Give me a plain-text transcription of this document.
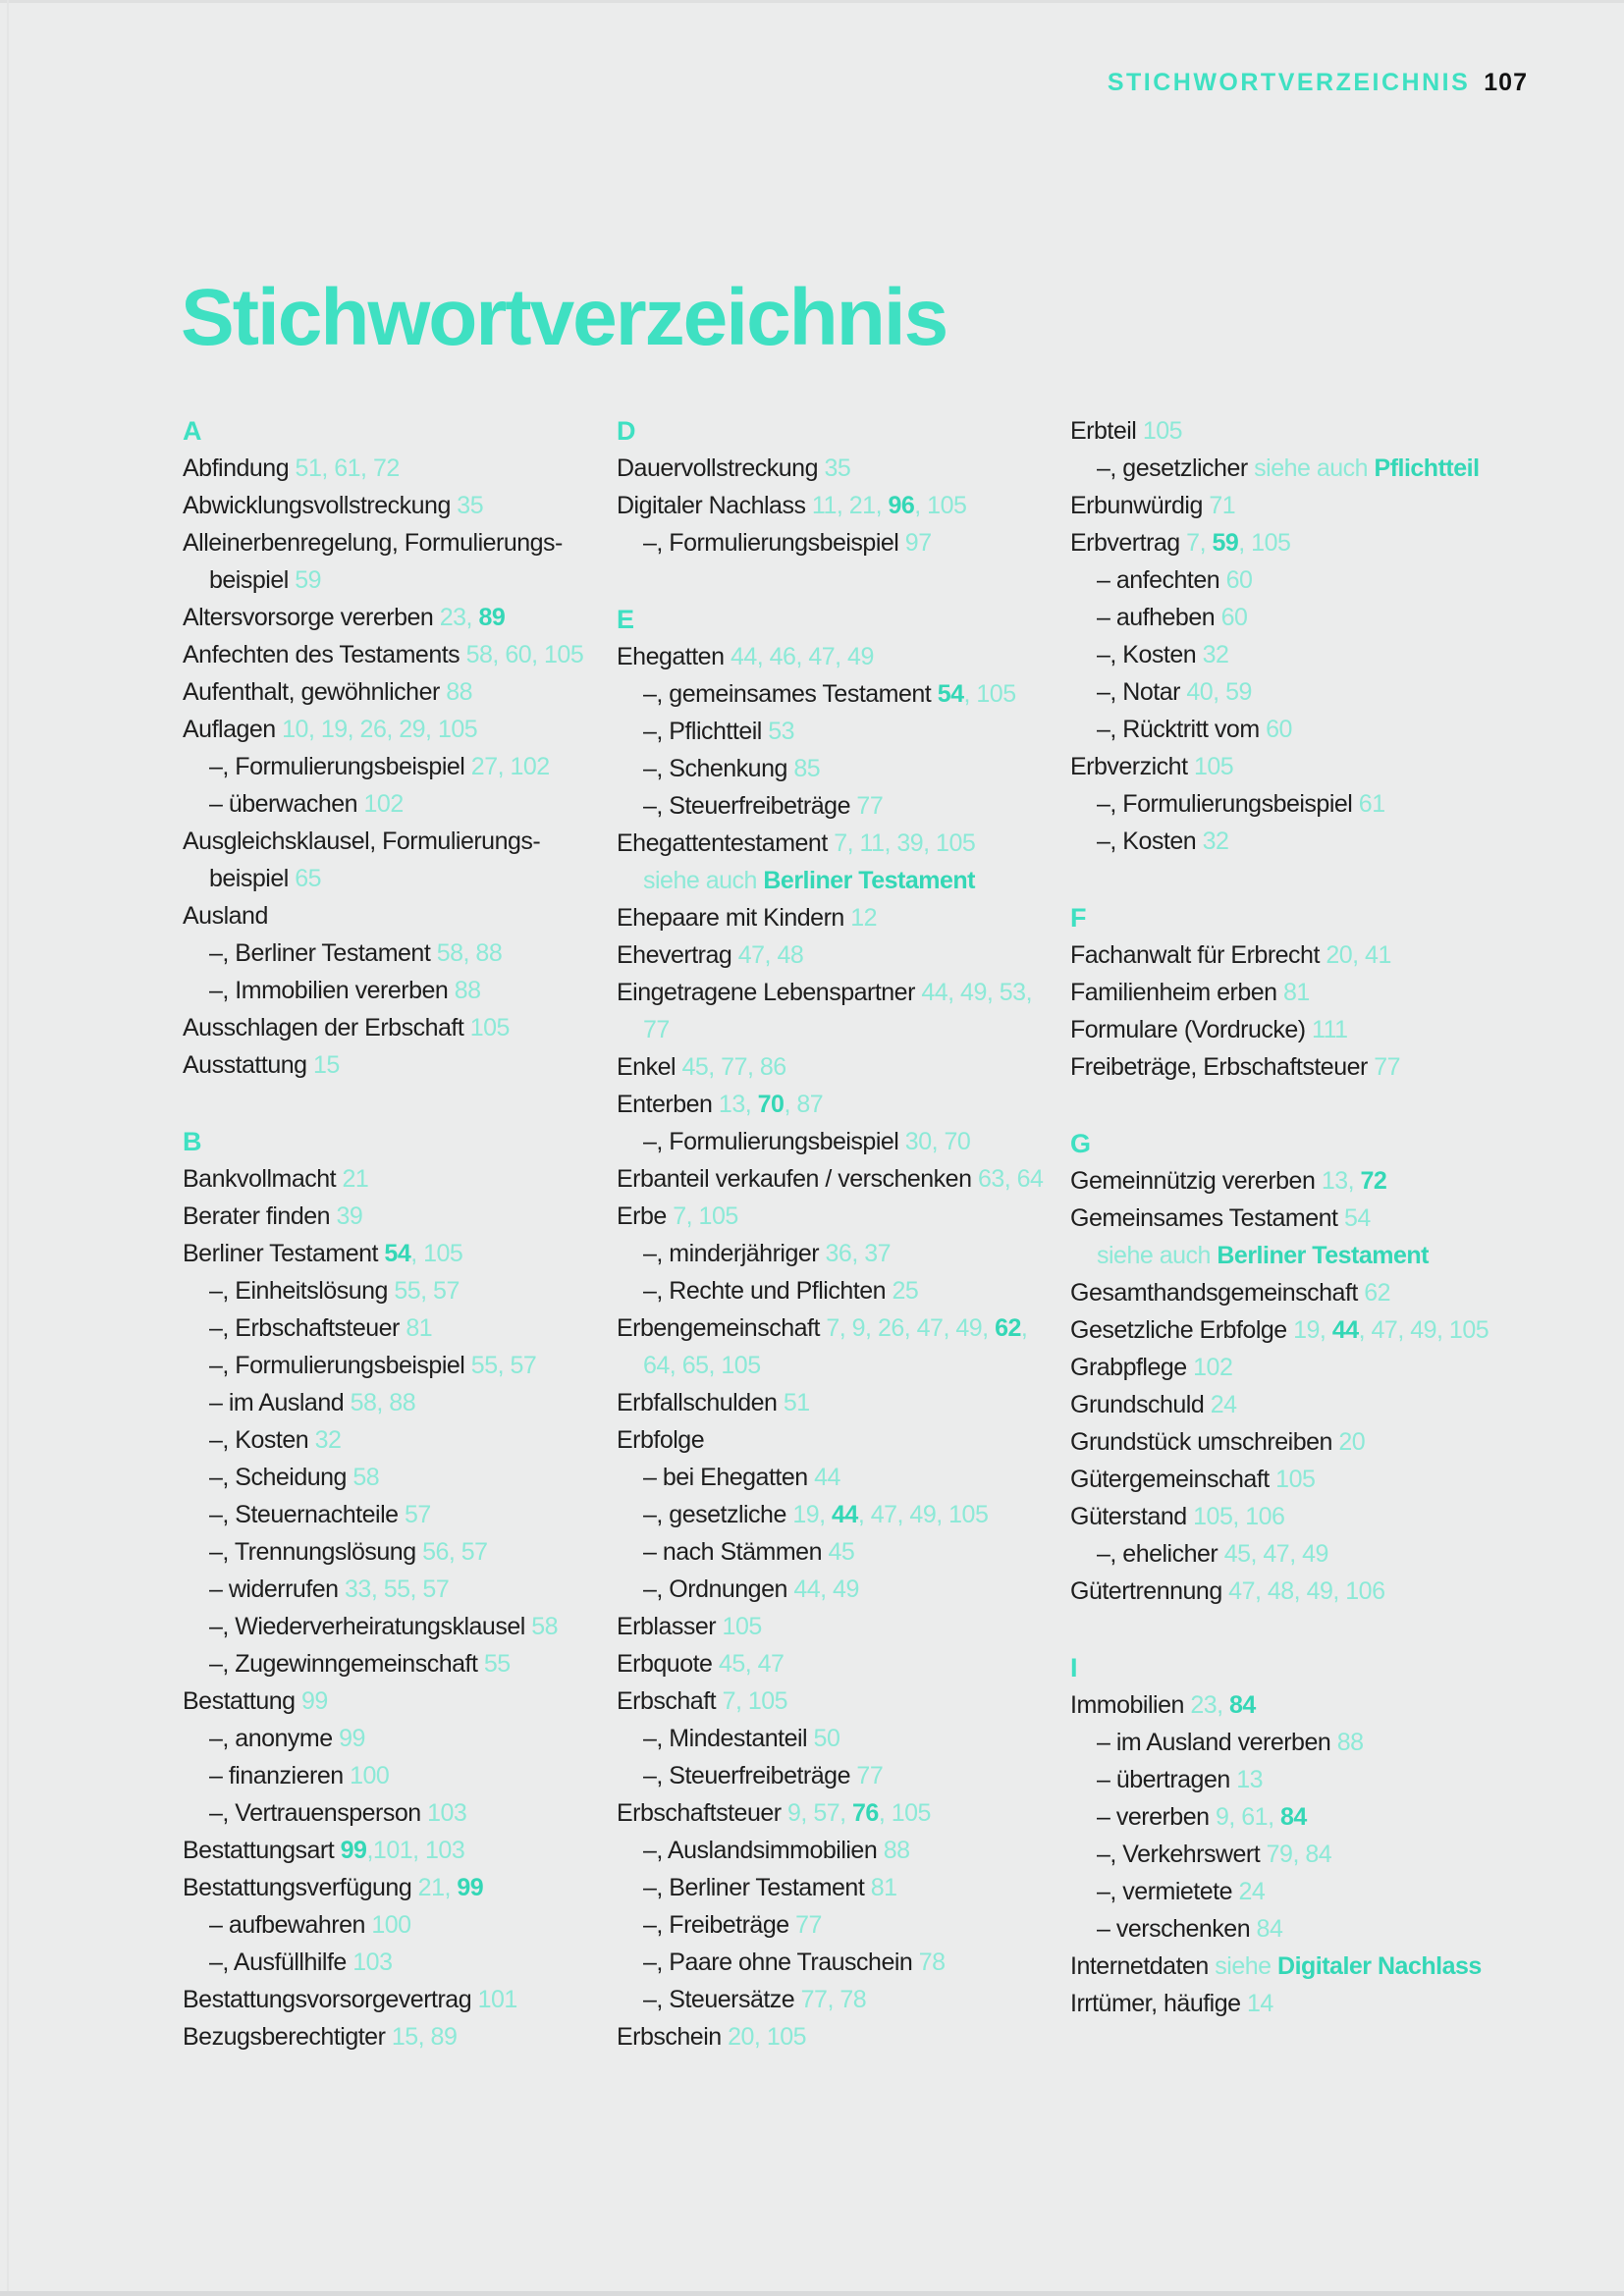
STICHWORTVERZEICHNIS 107
Stichwortverzeichnis
A
Abfindung 51, 61, 72
Abwicklungsvollstreckung 35
Alleinerbenregelung, Formulierungs-
beispiel 59
Altersvorsorge vererben 23, 89
Anfechten des Testaments 58, 60, 105
Aufenthalt, gewöhnlicher 88
Auflagen 10, 19, 26, 29, 105
–, Formulierungsbeispiel 27, 102
– überwachen 102
Ausgleichsklausel, Formulierungs-
beispiel 65
Ausland
–, Berliner Testament 58, 88
–, Immobilien vererben 88
Ausschlagen der Erbschaft 105
Ausstattung 15
B
Bankvollmacht 21
Berater finden 39
Berliner Testament 54, 105
–, Einheitslösung 55, 57
–, Erbschaftsteuer 81
–, Formulierungsbeispiel 55, 57
– im Ausland 58, 88
–, Kosten 32
–, Scheidung 58
–, Steuernachteile 57
–, Trennungslösung 56, 57
– widerrufen 33, 55, 57
–, Wiederverheiratungsklausel 58
–, Zugewinngemeinschaft 55
Bestattung 99
–, anonyme 99
– finanzieren 100
–, Vertrauensperson 103
Bestattungsart 99,101, 103
Bestattungsverfügung 21, 99
– aufbewahren 100
–, Ausfüllhilfe 103
Bestattungsvorsorgevertrag 101
Bezugsberechtigter 15, 89
D
Dauervollstreckung 35
Digitaler Nachlass 11, 21, 96, 105
–, Formulierungsbeispiel 97
E
Ehegatten 44, 46, 47, 49
–, gemeinsames Testament 54, 105
–, Pflichtteil 53
–, Schenkung 85
–, Steuerfreibeträge 77
Ehegattentestament 7, 11, 39, 105
siehe auch Berliner Testament
Ehepaare mit Kindern 12
Ehevertrag 47, 48
Eingetragene Lebenspartner 44, 49, 53,
77
Enkel 45, 77, 86
Enterben 13, 70, 87
–, Formulierungsbeispiel 30, 70
Erbanteil verkaufen / verschenken 63, 64
Erbe 7, 105
–, minderjähriger 36, 37
–, Rechte und Pflichten 25
Erbengemeinschaft 7, 9, 26, 47, 49, 62,
64, 65, 105
Erbfallschulden 51
Erbfolge
– bei Ehegatten 44
–, gesetzliche 19, 44, 47, 49, 105
– nach Stämmen 45
–, Ordnungen 44, 49
Erblasser 105
Erbquote 45, 47
Erbschaft 7, 105
–, Mindestanteil 50
–, Steuerfreibeträge 77
Erbschaftsteuer 9, 57, 76, 105
–, Auslandsimmobilien 88
–, Berliner Testament 81
–, Freibeträge 77
–, Paare ohne Trauschein 78
–, Steuersätze 77, 78
Erbschein 20, 105
Erbteil 105
–, gesetzlicher siehe auch Pflichtteil
Erbunwürdig 71
Erbvertrag 7, 59, 105
– anfechten 60
– aufheben 60
–, Kosten 32
–, Notar 40, 59
–, Rücktritt vom 60
Erbverzicht 105
–, Formulierungsbeispiel 61
–, Kosten 32
F
Fachanwalt für Erbrecht 20, 41
Familienheim erben 81
Formulare (Vordrucke) 111
Freibeträge, Erbschaftsteuer 77
G
Gemeinnützig vererben 13, 72
Gemeinsames Testament 54
siehe auch Berliner Testament
Gesamthandsgemeinschaft 62
Gesetzliche Erbfolge 19, 44, 47, 49, 105
Grabpflege 102
Grundschuld 24
Grundstück umschreiben 20
Gütergemeinschaft 105
Güterstand 105, 106
–, ehelicher 45, 47, 49
Gütertrennung 47, 48, 49, 106
I
Immobilien 23, 84
– im Ausland vererben 88
– übertragen 13
– vererben 9, 61, 84
–, Verkehrswert 79, 84
–, vermietete 24
– verschenken 84
Internetdaten siehe Digitaler Nachlass
Irrtümer, häufige 14
